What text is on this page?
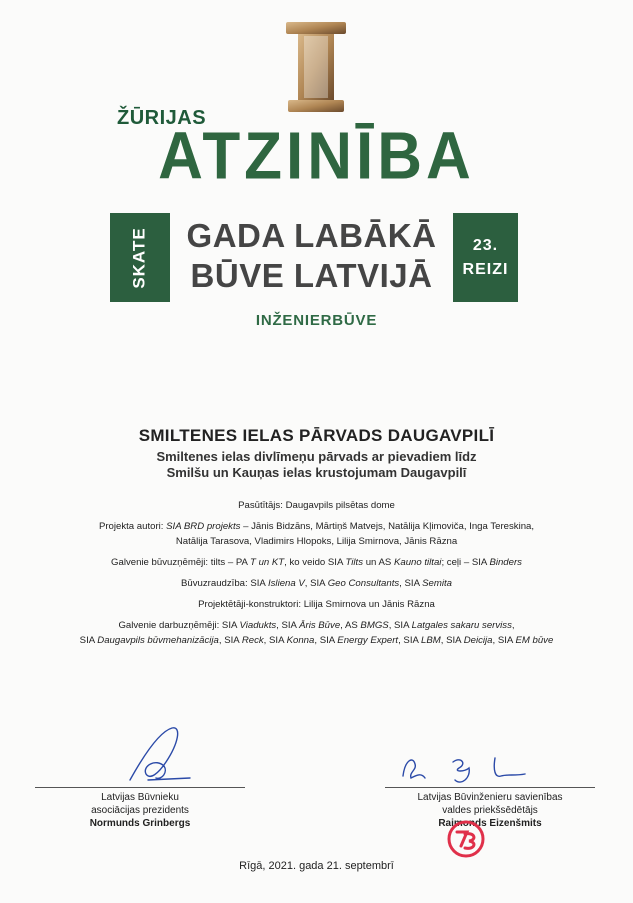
ŽŪRIJAS
ATZINĪBA
SKATE	GADA LABĀKĀ
BŪVE LATVIJĀ
23.
REIZI
INŽENIERBŪVE
SMILTENES IELAS PĀRVADS DAUGAVPILĪ
Smiltenes ielas divlīmeņu pārvads ar pievadiem līdz
Smilšu un Kauņas ielas krustojumam Daugavpilī

Pasūtītājs: Daugavpils pilsētas dome

Projekta autori: SIA BRD projekts – Jānis Bidzāns, Mārtiņš Matvejs, Natālija Kļimoviča, Inga Tereskina,
Natālija Tarasova, Vladimirs Hlopoks, Lilija Smirnova, Jānis Rāzna

Galvenie būvuzņēmēji: tilts – PA T un KT, ko veido SIA Tilts un AS Kauno tiltai; ceļi – SIA Binders

Būvuzraudzība: SIA Isliena V, SIA Geo Consultants, SIA Semita

Projektētāji-konstruktori: Lilija Smirnova un Jānis Rāzna

Galvenie darbuzņēmēji: SIA Viadukts, SIA Āris Būve, AS BMGS, SIA Latgales sakaru serviss,
SIA Daugavpils būvmehanizācija, SIA Reck, SIA Konna, SIA Energy Expert, SIA LBM, SIA Deicija, SIA EM būve

Latvijas Būvnieku
asociācijas prezidents
Normunds Grinbergs
Latvijas Būvinženieru savienības
valdes priekšsēdētājs
Raimonds Eizenšmits
Rīgā, 2021. gada 21. septembrī
